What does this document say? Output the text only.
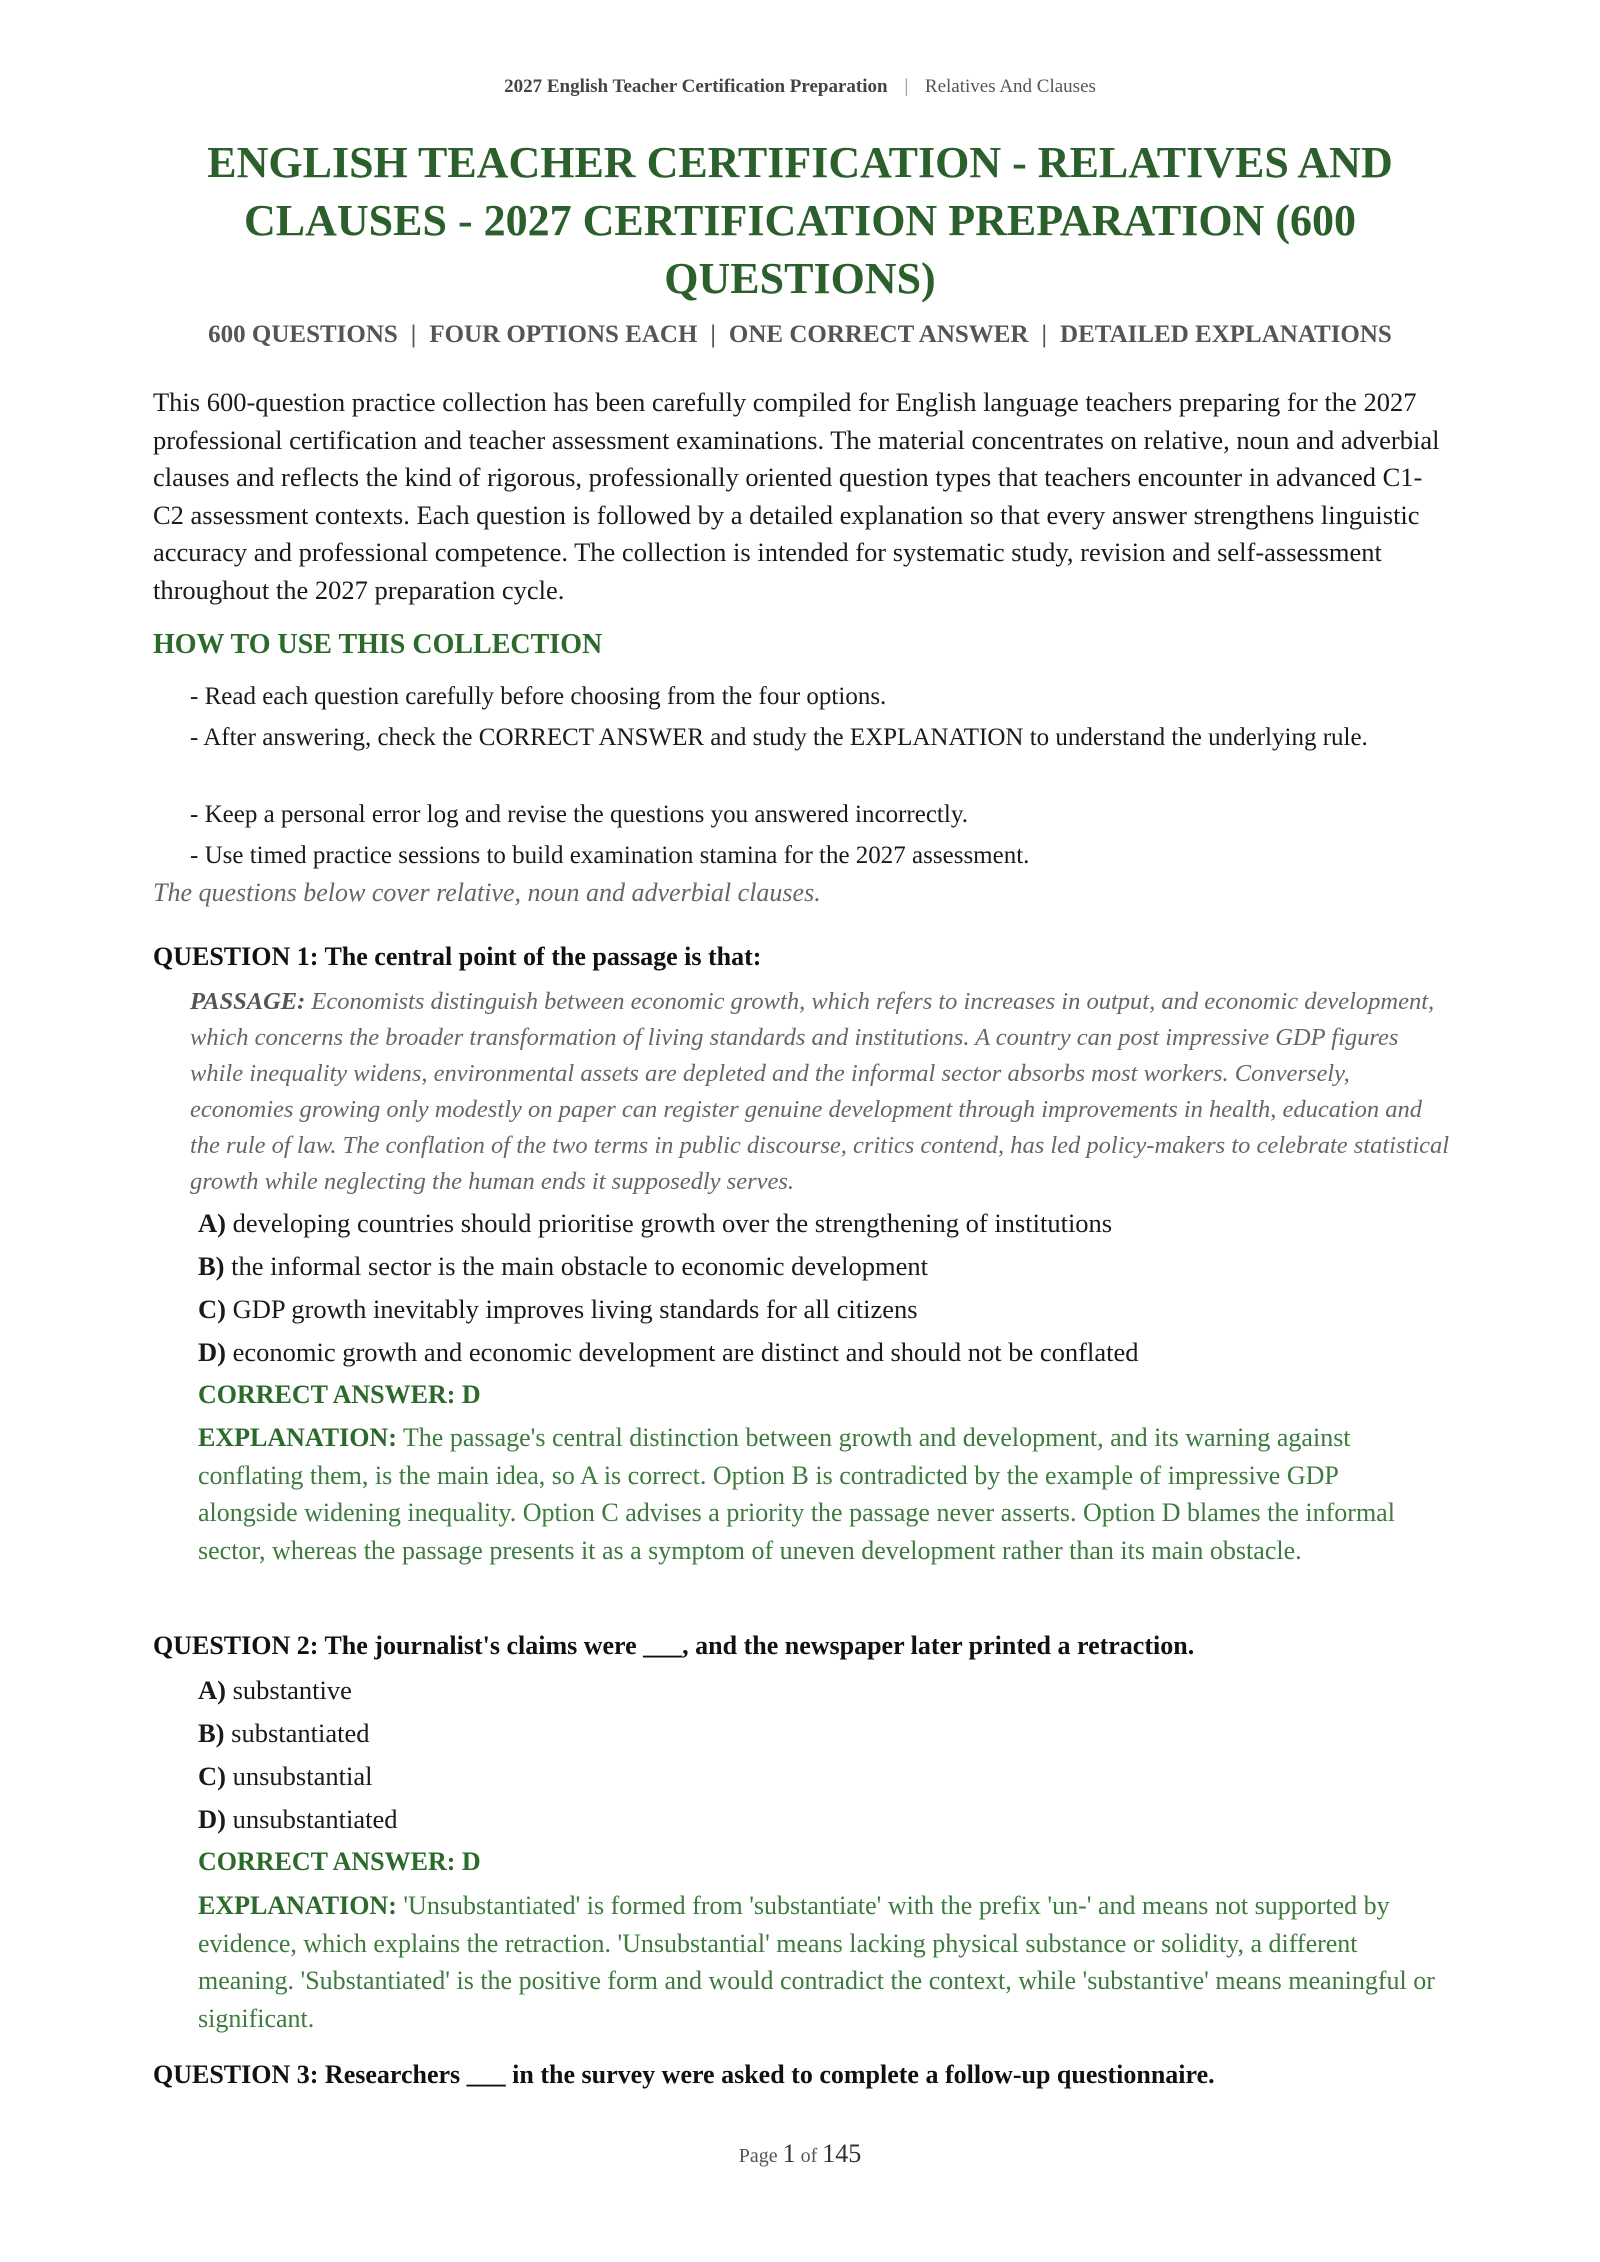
2027 English Teacher Certification Preparation | Relatives And Clauses
ENGLISH TEACHER CERTIFICATION - RELATIVES AND CLAUSES - 2027 CERTIFICATION PREPARATION (600 QUESTIONS)
600 QUESTIONS | FOUR OPTIONS EACH | ONE CORRECT ANSWER | DETAILED EXPLANATIONS

This 600-question practice collection has been carefully compiled for English language teachers preparing for the 2027 professional certification and teacher assessment examinations. The material concentrates on relative, noun and adverbial clauses and reflects the kind of rigorous, professionally oriented question types that teachers encounter in advanced C1-C2 assessment contexts. Each question is followed by a detailed explanation so that every answer strengthens linguistic accuracy and professional competence. The collection is intended for systematic study, revision and self-assessment throughout the 2027 preparation cycle.

HOW TO USE THIS COLLECTION

- Read each question carefully before choosing from the four options.

- After answering, check the CORRECT ANSWER and study the EXPLANATION to understand the underlying rule.

- Keep a personal error log and revise the questions you answered incorrectly.

- Use timed practice sessions to build examination stamina for the 2027 assessment.

The questions below cover relative, noun and adverbial clauses.

QUESTION 1: The central point of the passage is that:

PASSAGE: Economists distinguish between economic growth, which refers to increases in output, and economic development, which concerns the broader transformation of living standards and institutions. A country can post impressive GDP figures while inequality widens, environmental assets are depleted and the informal sector absorbs most workers. Conversely, economies growing only modestly on paper can register genuine development through improvements in health, education and the rule of law. The conflation of the two terms in public discourse, critics contend, has led policy-makers to celebrate statistical growth while neglecting the human ends it supposedly serves.

A) developing countries should prioritise growth over the strengthening of institutions

B) the informal sector is the main obstacle to economic development

C) GDP growth inevitably improves living standards for all citizens

D) economic growth and economic development are distinct and should not be conflated

CORRECT ANSWER: D

EXPLANATION: The passage's central distinction between growth and development, and its warning against conflating them, is the main idea, so A is correct. Option B is contradicted by the example of impressive GDP alongside widening inequality. Option C advises a priority the passage never asserts. Option D blames the informal sector, whereas the passage presents it as a symptom of uneven development rather than its main obstacle.

QUESTION 2: The journalist's claims were ___, and the newspaper later printed a retraction.

A) substantive

B) substantiated

C) unsubstantial

D) unsubstantiated

CORRECT ANSWER: D

EXPLANATION: 'Unsubstantiated' is formed from 'substantiate' with the prefix 'un-' and means not supported by evidence, which explains the retraction. 'Unsubstantial' means lacking physical substance or solidity, a different meaning. 'Substantiated' is the positive form and would contradict the context, while 'substantive' means meaningful or significant.

QUESTION 3: Researchers ___ in the survey were asked to complete a follow-up questionnaire.
Page 1 of 145
